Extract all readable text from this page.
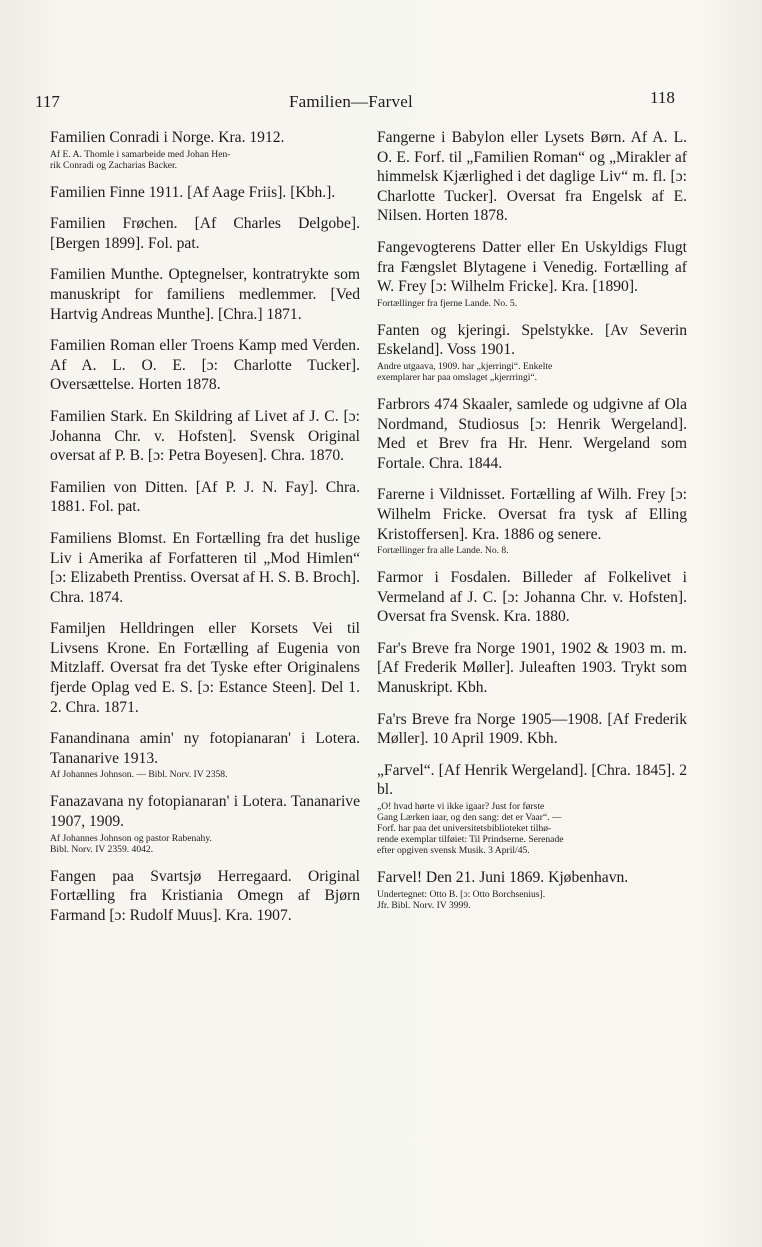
117	Familien—Farvel	118

Familien Conradi i Norge. Kra. 1912.

Af E. A. Thomle i samarbeide med Johan Hen-
rik Conradi og Zacharias Backer.

Familien Finne 1911. [Af Aage Friis]. [Kbh.].

Familien Frøchen. [Af Charles Delgobe]. [Bergen 1899]. Fol. pat.

Familien Munthe. Optegnelser, kontratrykte som manuskript for familiens medlemmer. [Ved Hartvig Andreas Munthe]. [Chra.] 1871.

Familien Roman eller Troens Kamp med Verden. Af A. L. O. E. [ɔ: Charlotte Tucker]. Oversættelse. Horten 1878.

Familien Stark. En Skildring af Livet af J. C. [ɔ: Johanna Chr. v. Hofsten]. Svensk Original oversat af P. B. [ɔ: Petra Boyesen]. Chra. 1870.

Familien von Ditten. [Af P. J. N. Fay]. Chra. 1881. Fol. pat.

Familiens Blomst. En Fortælling fra det huslige Liv i Amerika af Forfatteren til „Mod Himlen“ [ɔ: Elizabeth Prentiss. Oversat af H. S. B. Broch]. Chra. 1874.

Familjen Helldringen eller Korsets Vei til Livsens Krone. En Fortælling af Eugenia von Mitzlaff. Oversat fra det Tyske efter Originalens fjerde Oplag ved E. S. [ɔ: Estance Steen]. Del 1. 2. Chra. 1871.

Fanandinana amin' ny fotopianaran' i Lotera. Tananarive 1913.

Af Johannes Johnson. — Bibl. Norv. IV 2358.

Fanazavana ny fotopianaran' i Lotera. Tananarive 1907, 1909.

Af Johannes Johnson og pastor Rabenahy.
Bibl. Norv. IV 2359. 4042.

Fangen paa Svartsjø Herregaard. Original Fortælling fra Kristiania Omegn af Bjørn Farmand [ɔ: Rudolf Muus]. Kra. 1907.

Fangerne i Babylon eller Lysets Børn. Af A. L. O. E. Forf. til „Familien Roman“ og „Mirakler af himmelsk Kjærlighed i det daglige Liv“ m. fl. [ɔ: Charlotte Tucker]. Oversat fra Engelsk af E. Nilsen. Horten 1878.

Fangevogterens Datter eller En Uskyldigs Flugt fra Fængslet Blytagene i Venedig. Fortælling af W. Frey [ɔ: Wilhelm Fricke]. Kra. [1890].

Fortællinger fra fjerne Lande. No. 5.

Fanten og kjeringi. Spelstykke. [Av Severin Eskeland]. Voss 1901.

Andre utgaava, 1909. har „kjerringi“. Enkelte
exemplarer har paa omslaget „kjerrringi“.

Farbrors 474 Skaaler, samlede og udgivne af Ola Nordmand, Studiosus [ɔ: Henrik Wergeland]. Med et Brev fra Hr. Henr. Wergeland som Fortale. Chra. 1844.

Farerne i Vildnisset. Fortælling af Wilh. Frey [ɔ: Wilhelm Fricke. Oversat fra tysk af Elling Kristoffersen]. Kra. 1886 og senere.

Fortællinger fra alle Lande. No. 8.

Farmor i Fosdalen. Billeder af Folkelivet i Vermeland af J. C. [ɔ: Johanna Chr. v. Hofsten]. Oversat fra Svensk. Kra. 1880.

Far's Breve fra Norge 1901, 1902 & 1903 m. m. [Af Frederik Møller]. Juleaften 1903. Trykt som Manuskript. Kbh.

Fa'rs Breve fra Norge 1905—1908. [Af Frederik Møller]. 10 April 1909. Kbh.

„Farvel“. [Af Henrik Wergeland]. [Chra. 1845]. 2 bl.

„O! hvad hørte vi ikke igaar? Just for første
Gang Lærken iaar, og den sang: det er Vaar“. —
Forf. har paa det universitetsbiblioteket tilhø-
rende exemplar tilføiet: Til Prindserne. Serenade
efter opgiven svensk Musik. 3 April/45.

Farvel! Den 21. Juni 1869. Kjøbenhavn.

Undertegnet: Otto B. [ɔ: Otto Borchsenius].
Jfr. Bibl. Norv. IV 3999.
